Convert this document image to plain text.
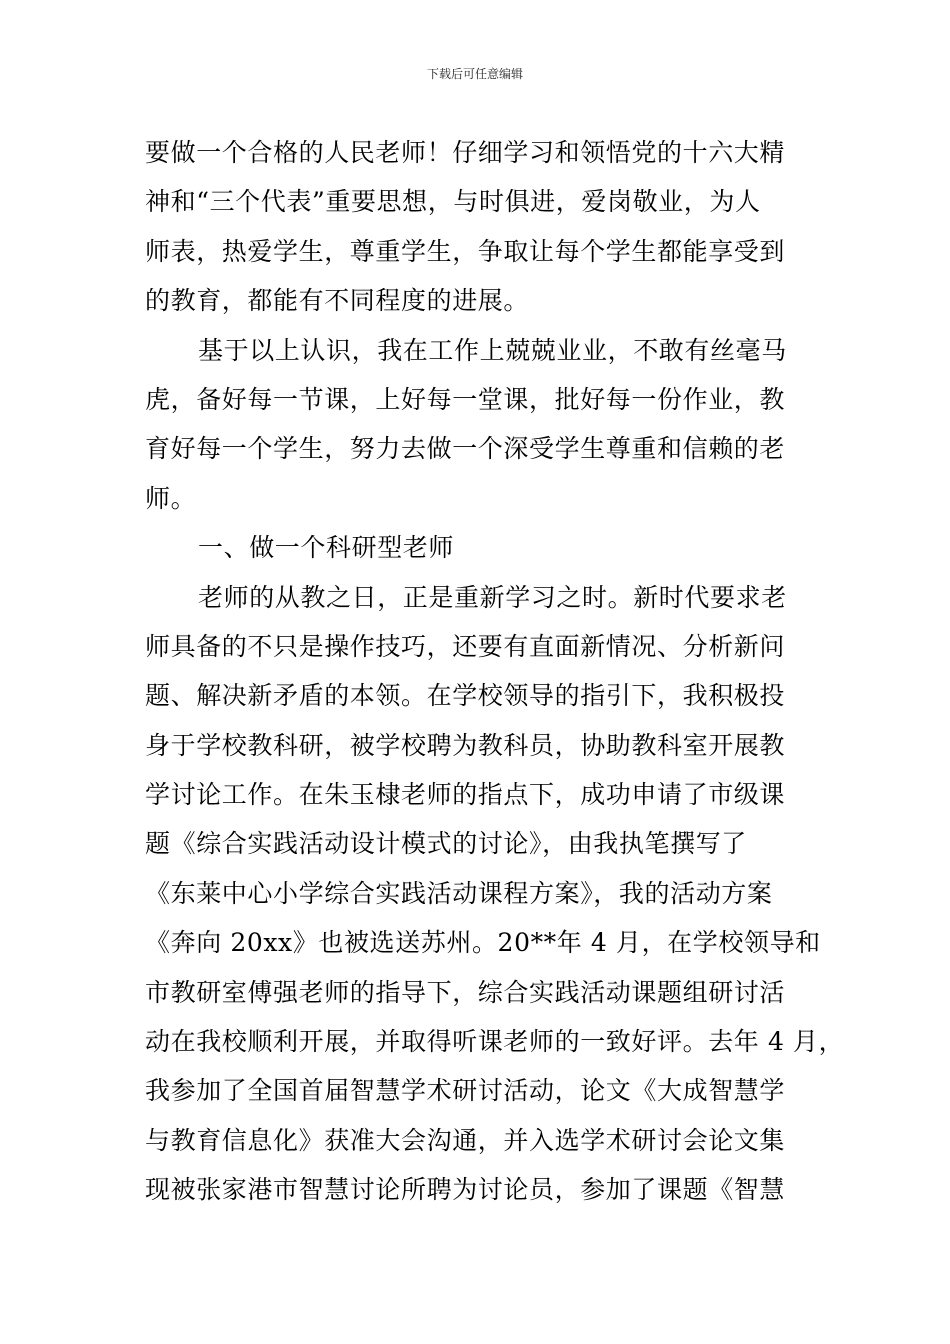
下载后可任意编辑
要做一个合格的人民老师！仔细学习和领悟党的十六大精
神和“三个代表”重要思想，与时俱进，爱岗敬业，为人
师表，热爱学生，尊重学生，争取让每个学生都能享受到
的教育，都能有不同程度的进展。
基于以上认识，我在工作上兢兢业业，不敢有丝毫马
虎，备好每一节课，上好每一堂课，批好每一份作业，教
育好每一个学生，努力去做一个深受学生尊重和信赖的老
师。
一、做一个科研型老师
老师的从教之日，正是重新学习之时。新时代要求老
师具备的不只是操作技巧，还要有直面新情况、分析新问
题、解决新矛盾的本领。在学校领导的指引下，我积极投
身于学校教科研，被学校聘为教科员，协助教科室开展教
学讨论工作。在朱玉棣老师的指点下，成功申请了市级课
题《综合实践活动设计模式的讨论》，由我执笔撰写了
《东莱中心小学综合实践活动课程方案》，我的活动方案
《奔向 20xx》也被选送苏州。20**年 4 月，在学校领导和
市教研室傅强老师的指导下，综合实践活动课题组研讨活
动在我校顺利开展，并取得听课老师的一致好评。去年 4 月，
我参加了全国首届智慧学术研讨活动，论文《大成智慧学
与教育信息化》获准大会沟通，并入选学术研讨会论文集
现被张家港市智慧讨论所聘为讨论员，参加了课题《智慧
